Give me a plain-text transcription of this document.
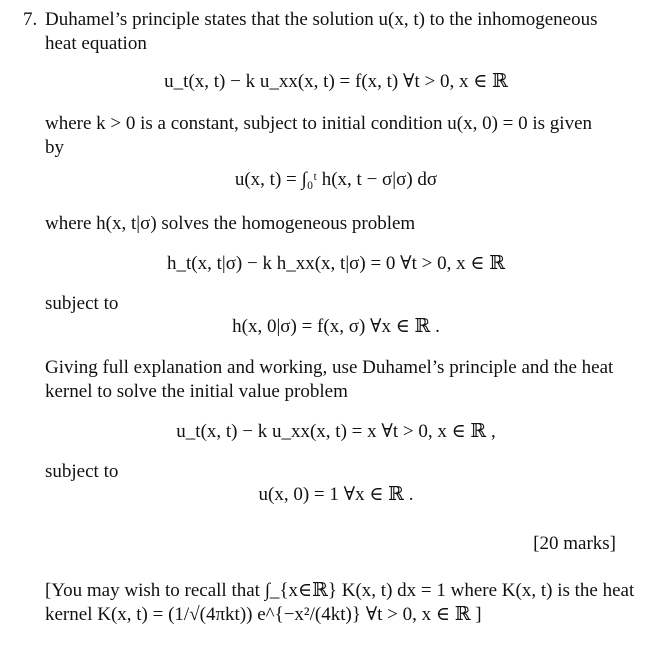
7. Duhamel’s principle states that the solution u(x, t) to the inhomogeneous
heat equation
u_t(x, t) − k u_xx(x, t) = f(x, t) ∀t > 0, x ∈ ℝ
where k > 0 is a constant, subject to initial condition u(x, 0) = 0 is given
by
u(x, t) = ∫₀ᵗ h(x, t − σ|σ) dσ
where h(x, t|σ) solves the homogeneous problem
h_t(x, t|σ) − k h_xx(x, t|σ) = 0 ∀t > 0, x ∈ ℝ
subject to
h(x, 0|σ) = f(x, σ) ∀x ∈ ℝ .
Giving full explanation and working, use Duhamel’s principle and the heat
kernel to solve the initial value problem
u_t(x, t) − k u_xx(x, t) = x ∀t > 0, x ∈ ℝ ,
subject to
u(x, 0) = 1 ∀x ∈ ℝ .
[20 marks]
[You may wish to recall that ∫_{x∈ℝ} K(x, t) dx = 1 where K(x, t) is the heat
kernel K(x, t) = (1/√(4πkt)) e^{−x²/(4kt)} ∀t > 0, x ∈ ℝ ]
